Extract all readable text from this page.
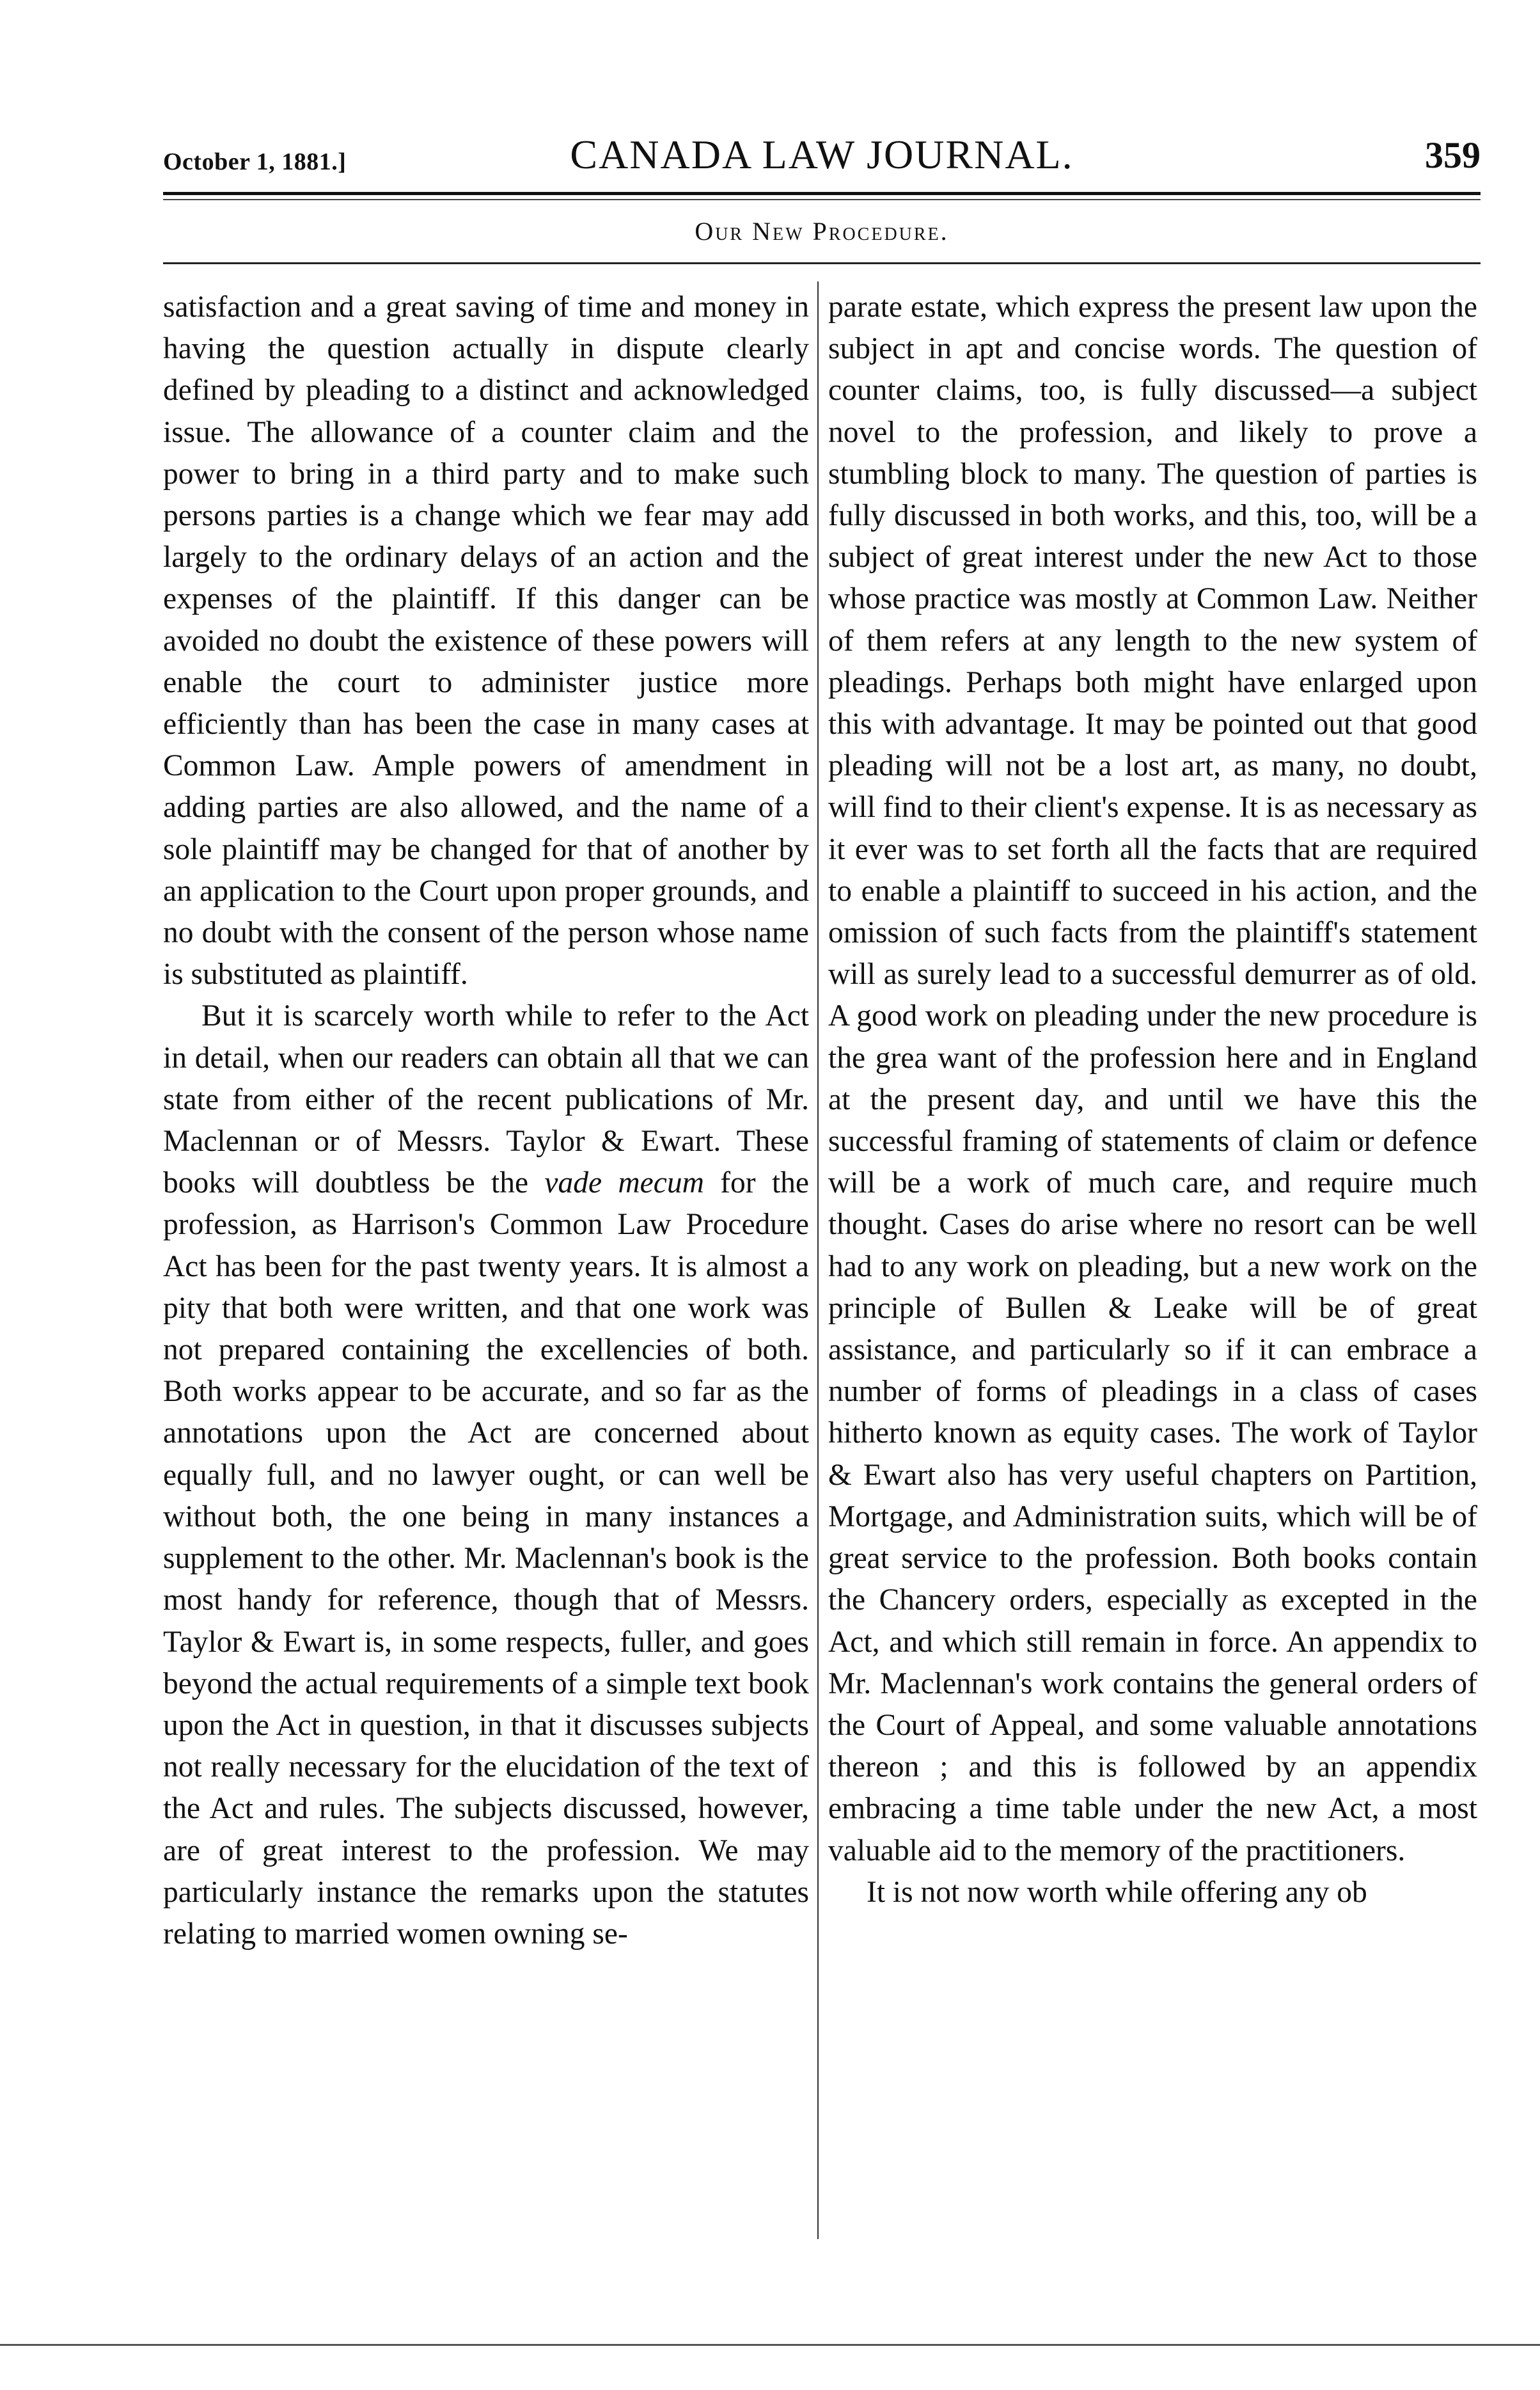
October 1, 1881.]	CANADA LAW JOURNAL.	359
Our New Procedure.

satisfaction and a great saving of time and money in having the question actually in dispute clearly defined by pleading to a distinct and acknowledged issue. The allowance of a counter claim and the power to bring in a third party and to make such persons parties is a change which we fear may add largely to the ordinary delays of an action and the expenses of the plaintiff. If this danger can be avoided no doubt the existence of these powers will enable the court to administer justice more efficiently than has been the case in many cases at Common Law. Ample powers of amendment in adding parties are also allowed, and the name of a sole plaintiff may be changed for that of another by an application to the Court upon proper grounds, and no doubt with the consent of the person whose name is substituted as plaintiff.

But it is scarcely worth while to refer to the Act in detail, when our readers can obtain all that we can state from either of the recent publications of Mr. Maclennan or of Messrs. Taylor & Ewart. These books will doubtless be the vade mecum for the profession, as Harrison's Common Law Procedure Act has been for the past twenty years. It is almost a pity that both were written, and that one work was not prepared containing the excellencies of both. Both works appear to be accurate, and so far as the annotations upon the Act are concerned about equally full, and no lawyer ought, or can well be without both, the one being in many instances a supplement to the other. Mr. Maclennan's book is the most handy for reference, though that of Messrs. Taylor & Ewart is, in some respects, fuller, and goes beyond the actual requirements of a simple text book upon the Act in question, in that it discusses subjects not really necessary for the elucidation of the text of the Act and rules. The subjects discussed, however, are of great interest to the profession. We may particularly instance the remarks upon the statutes relating to married women owning se-

parate estate, which express the present law upon the subject in apt and concise words. The question of counter claims, too, is fully discussed—a subject novel to the profession, and likely to prove a stumbling block to many. The question of parties is fully discussed in both works, and this, too, will be a subject of great interest under the new Act to those whose practice was mostly at Common Law. Neither of them refers at any length to the new system of pleadings. Perhaps both might have enlarged upon this with advantage. It may be pointed out that good pleading will not be a lost art, as many, no doubt, will find to their client's expense. It is as necessary as it ever was to set forth all the facts that are required to enable a plaintiff to succeed in his action, and the omission of such facts from the plaintiff's statement will as surely lead to a successful demurrer as of old. A good work on pleading under the new procedure is the grea want of the profession here and in England at the present day, and until we have this the successful framing of statements of claim or defence will be a work of much care, and require much thought. Cases do arise where no resort can be well had to any work on pleading, but a new work on the principle of Bullen & Leake will be of great assistance, and particularly so if it can embrace a number of forms of pleadings in a class of cases hitherto known as equity cases. The work of Taylor & Ewart also has very useful chapters on Partition, Mortgage, and Administration suits, which will be of great service to the profession. Both books contain the Chancery orders, especially as excepted in the Act, and which still remain in force. An appendix to Mr. Maclennan's work contains the general orders of the Court of Appeal, and some valuable annotations thereon ; and this is followed by an appendix embracing a time table under the new Act, a most valuable aid to the memory of the practitioners.

It is not now worth while offering any ob
